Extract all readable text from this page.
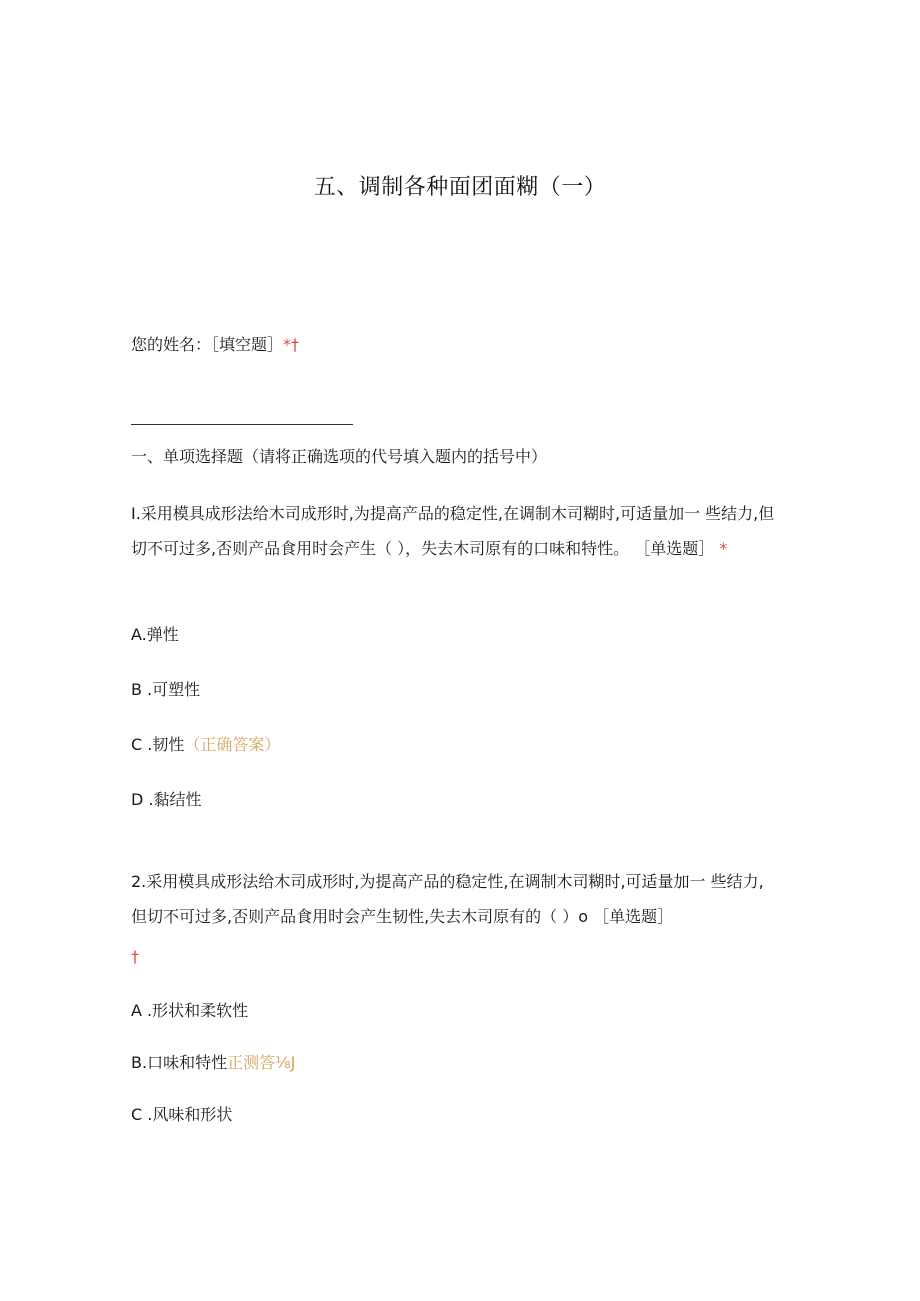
五、调制各种面团面糊（一）
您的姓名：［填空题］*†
一、单项选择题（请将正确选项的代号填入题内的括号中）
I.采用模具成形法给木司成形时,为提高产品的稳定性,在调制木司糊时,可适量加一 些结力,但切不可过多,否则产品食用时会产生（ ），失去木司原有的口味和特性。 ［单选题］ *
A.弹性
B .可塑性
C .韧性（正确答案）
D .黏结性
2.采用模具成形法给木司成形时,为提高产品的稳定性,在调制木司糊时,可适量加一 些结力,但切不可过多,否则产品食用时会产生韧性,失去木司原有的（ ）o ［单选题］
†
A .形状和柔软性
B.口味和特性正测答⅛J
C .风味和形状
